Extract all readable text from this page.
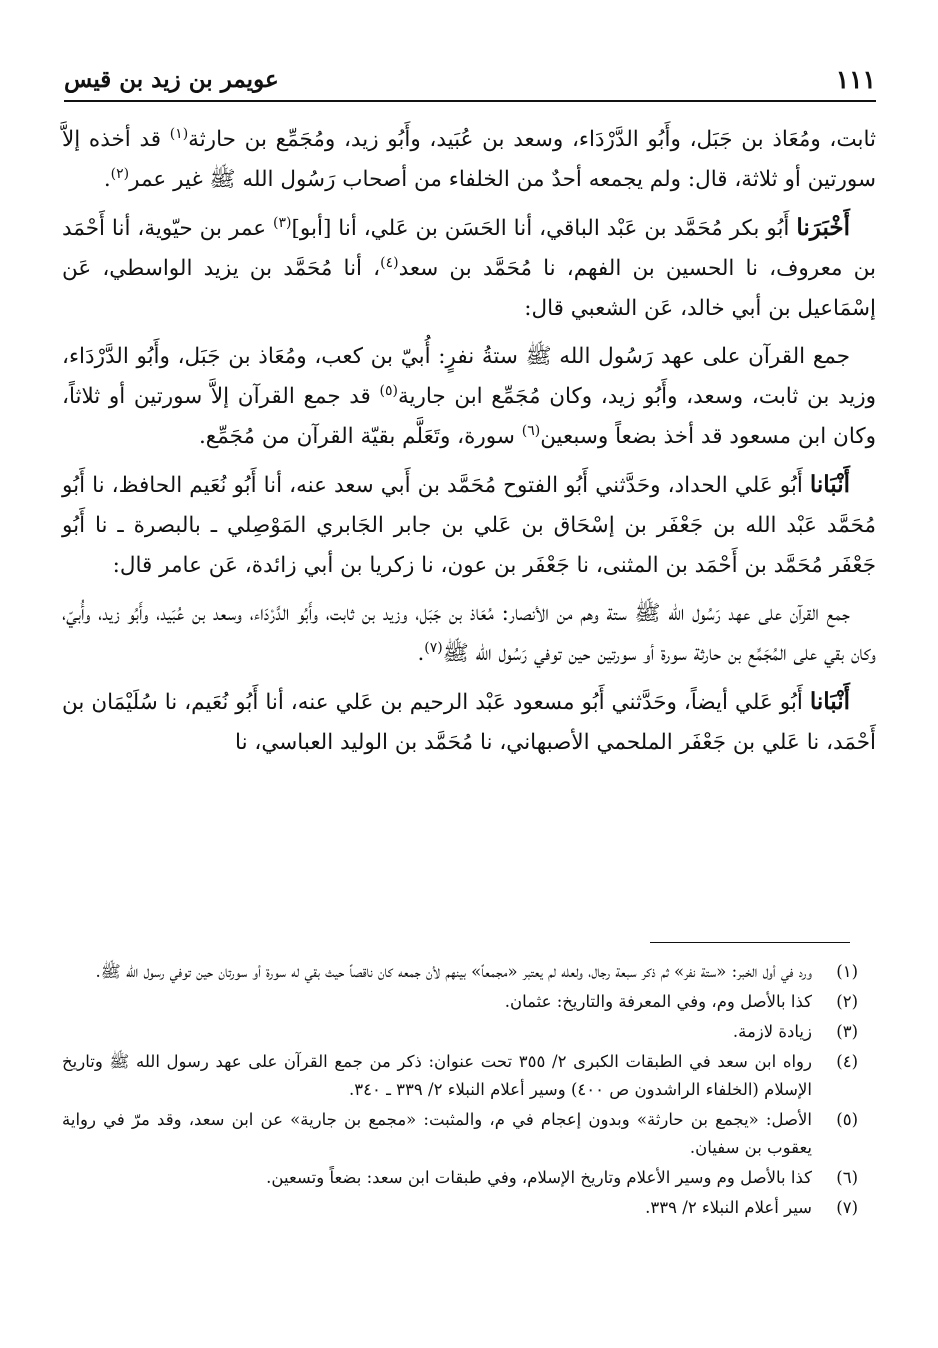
عويمر بن زيد بن قيس	١١١

ثابت، ومُعَاذ بن جَبَل، وأَبُو الدَّرْدَاء، وسعد بن عُبَيد، وأَبُو زيد، ومُجَمِّع بن حارثة$^{(١)}$ قد أخذه إلاَّ سورتين أو ثلاثة، قال: ولم يجمعه أحدٌ من الخلفاء من أصحاب رَسُول الله ﷺ غير عمر$^{(٢)}$.

أَخْبَرَنا أَبُو بكر مُحَمَّد بن عَبْد الباقي، أنا الحَسَن بن عَلي، أنا [أبو]$^{(٣)}$ عمر بن حيّوية، أنا أَحْمَد بن معروف، نا الحسين بن الفهم، نا مُحَمَّد بن سعد$^{(٤)}$، أنا مُحَمَّد بن يزيد الواسطي، عَن إسْمَاعيل بن أبي خالد، عَن الشعبي قال:

جمع القرآن على عهد رَسُول الله ﷺ ستةُ نفرٍ: أُبيّ بن كعب، ومُعَاذ بن جَبَل، وأَبُو الدَّرْدَاء، وزيد بن ثابت، وسعد، وأَبُو زيد، وكان مُجَمِّع ابن جارية$^{(٥)}$ قد جمع القرآن إلاَّ سورتين أو ثلاثاً، وكان ابن مسعود قد أخذ بضعاً وسبعين$^{(٦)}$ سورة، وتَعَلَّم بقيّة القرآن من مُجَمِّع.

أَنْبَانا أَبُو عَلي الحداد، وحَدَّثني أَبُو الفتوح مُحَمَّد بن أَبي سعد عنه، أنا أَبُو نُعَيم الحافظ، نا أَبُو مُحَمَّد عَبْد الله بن جَعْفَر بن إسْحَاق بن عَلي بن جابر الجَابري المَوْصِلي ـ بالبصرة ـ نا أَبُو جَعْفَر مُحَمَّد بن أَحْمَد بن المثنى، نا جَعْفَر بن عون، نا زكريا بن أبي زائدة، عَن عامر قال:

جمع القرآن على عهد رَسُول الله ﷺ ستة وهم من الأنصار: مُعَاذ بن جَبَل، وزيد بن ثابت، وأَبُو الدَّرْدَاء، وسعد بن عُبَيد، وأَبُو زيد، وأُبيّ، وكان بقي على المُجَمِّع بن حارثة سورة أو سورتين حين توفي رَسُول الله ﷺ$^{(٧)}$.

أَنْبَانا أَبُو عَلي أيضاً، وحَدَّثني أَبُو مسعود عَبْد الرحيم بن عَلي عنه، أنا أَبُو نُعَيم، نا سُلَيْمَان بن أَحْمَد، نا عَلي بن جَعْفَر الملحمي الأصبهاني، نا مُحَمَّد بن الوليد العباسي، نا

(١)
ورد في أول الخبر: «ستة نفر» ثم ذكر سبعة رجال، ولعله لم يعتبر «مجمعاً» بينهم لأن جمعه كان ناقصاً حيث بقي له سورة أو سورتان حين توفي رسول الله ﷺ.
(٢)
كذا بالأصل وم، وفي المعرفة والتاريخ: عثمان.
(٣)
زيادة لازمة.
(٤)
رواه ابن سعد في الطبقات الكبرى ٢/ ٣٥٥ تحت عنوان: ذكر من جمع القرآن على عهد رسول الله ﷺ وتاريخ الإسلام (الخلفاء الراشدون ص ٤٠٠) وسير أعلام النبلاء ٢/ ٣٣٩ ـ ٣٤٠.
(٥)
الأصل: «يجمع بن حارثة» وبدون إعجام في م، والمثبت: «مجمع بن جارية» عن ابن سعد، وقد مرّ في رواية يعقوب بن سفيان.
(٦)
كذا بالأصل وم وسير الأعلام وتاريخ الإسلام، وفي طبقات ابن سعد: بضعاً وتسعين.
(٧)
سير أعلام النبلاء ٢/ ٣٣٩.
